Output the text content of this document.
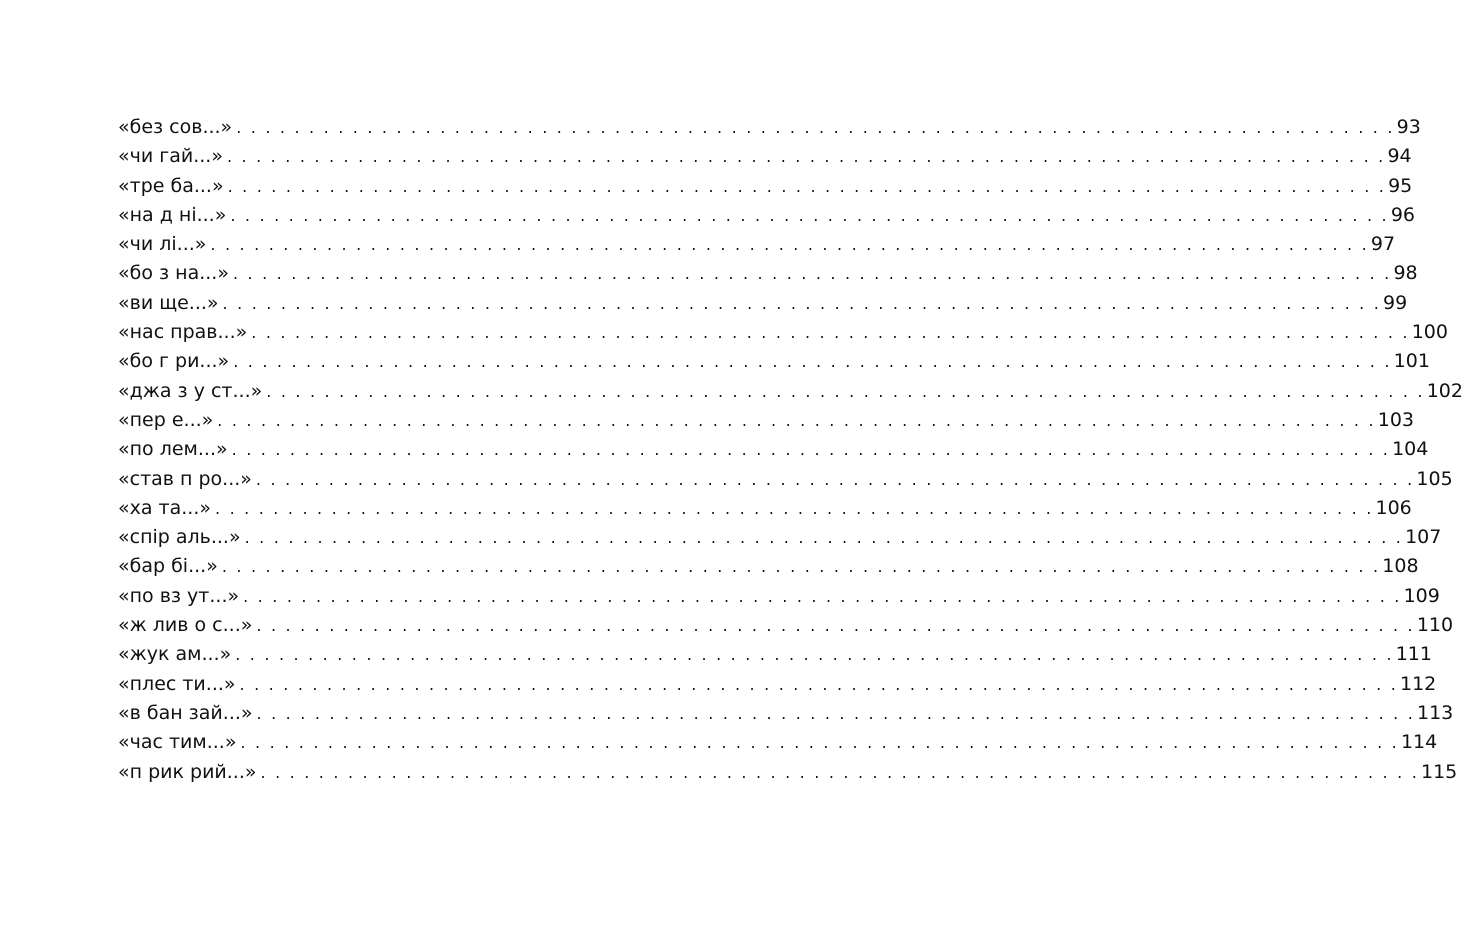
«без сов...» . . . . . . . . . . . . . . . . . . . . . . . . . . . . . . . . . . . . . . . . . . . . . . . . . . . . . . . . . . . . . . . . . . . . . . . . . . . . . . . . 93
«чи гай...» . . . . . . . . . . . . . . . . . . . . . . . . . . . . . . . . . . . . . . . . . . . . . . . . . . . . . . . . . . . . . . . . . . . . . . . . . . . . . . . . 94
«тре ба...» . . . . . . . . . . . . . . . . . . . . . . . . . . . . . . . . . . . . . . . . . . . . . . . . . . . . . . . . . . . . . . . . . . . . . . . . . . . . . . . . 95
«на д ні...» . . . . . . . . . . . . . . . . . . . . . . . . . . . . . . . . . . . . . . . . . . . . . . . . . . . . . . . . . . . . . . . . . . . . . . . . . . . . . . . . 96
«чи лі...» . . . . . . . . . . . . . . . . . . . . . . . . . . . . . . . . . . . . . . . . . . . . . . . . . . . . . . . . . . . . . . . . . . . . . . . . . . . . . . . . 97
«бо з на...» . . . . . . . . . . . . . . . . . . . . . . . . . . . . . . . . . . . . . . . . . . . . . . . . . . . . . . . . . . . . . . . . . . . . . . . . . . . . . . . . 98
«ви ще...» . . . . . . . . . . . . . . . . . . . . . . . . . . . . . . . . . . . . . . . . . . . . . . . . . . . . . . . . . . . . . . . . . . . . . . . . . . . . . . . . 99
«нас прав...» . . . . . . . . . . . . . . . . . . . . . . . . . . . . . . . . . . . . . . . . . . . . . . . . . . . . . . . . . . . . . . . . . . . . . . . . . . . . . . . . 100
«бо г ри...» . . . . . . . . . . . . . . . . . . . . . . . . . . . . . . . . . . . . . . . . . . . . . . . . . . . . . . . . . . . . . . . . . . . . . . . . . . . . . . . . 101
«джа з у ст...» . . . . . . . . . . . . . . . . . . . . . . . . . . . . . . . . . . . . . . . . . . . . . . . . . . . . . . . . . . . . . . . . . . . . . . . . . . . . . . . . 102
«пер е...» . . . . . . . . . . . . . . . . . . . . . . . . . . . . . . . . . . . . . . . . . . . . . . . . . . . . . . . . . . . . . . . . . . . . . . . . . . . . . . . . 103
«по лем...» . . . . . . . . . . . . . . . . . . . . . . . . . . . . . . . . . . . . . . . . . . . . . . . . . . . . . . . . . . . . . . . . . . . . . . . . . . . . . . . . 104
«став п ро...» . . . . . . . . . . . . . . . . . . . . . . . . . . . . . . . . . . . . . . . . . . . . . . . . . . . . . . . . . . . . . . . . . . . . . . . . . . . . . . . . 105
«ха та...» . . . . . . . . . . . . . . . . . . . . . . . . . . . . . . . . . . . . . . . . . . . . . . . . . . . . . . . . . . . . . . . . . . . . . . . . . . . . . . . . 106
«спір аль...» . . . . . . . . . . . . . . . . . . . . . . . . . . . . . . . . . . . . . . . . . . . . . . . . . . . . . . . . . . . . . . . . . . . . . . . . . . . . . . . . 107
«бар бі...» . . . . . . . . . . . . . . . . . . . . . . . . . . . . . . . . . . . . . . . . . . . . . . . . . . . . . . . . . . . . . . . . . . . . . . . . . . . . . . . . 108
«по вз ут...» . . . . . . . . . . . . . . . . . . . . . . . . . . . . . . . . . . . . . . . . . . . . . . . . . . . . . . . . . . . . . . . . . . . . . . . . . . . . . . . . 109
«ж лив о с...» . . . . . . . . . . . . . . . . . . . . . . . . . . . . . . . . . . . . . . . . . . . . . . . . . . . . . . . . . . . . . . . . . . . . . . . . . . . . . . . . 110
«жук ам...» . . . . . . . . . . . . . . . . . . . . . . . . . . . . . . . . . . . . . . . . . . . . . . . . . . . . . . . . . . . . . . . . . . . . . . . . . . . . . . . . 111
«плес ти...» . . . . . . . . . . . . . . . . . . . . . . . . . . . . . . . . . . . . . . . . . . . . . . . . . . . . . . . . . . . . . . . . . . . . . . . . . . . . . . . . 112
«в бан зай...» . . . . . . . . . . . . . . . . . . . . . . . . . . . . . . . . . . . . . . . . . . . . . . . . . . . . . . . . . . . . . . . . . . . . . . . . . . . . . . . . 113
«час тим...» . . . . . . . . . . . . . . . . . . . . . . . . . . . . . . . . . . . . . . . . . . . . . . . . . . . . . . . . . . . . . . . . . . . . . . . . . . . . . . . . 114
«п рик рий...» . . . . . . . . . . . . . . . . . . . . . . . . . . . . . . . . . . . . . . . . . . . . . . . . . . . . . . . . . . . . . . . . . . . . . . . . . . . . . . . . 115
